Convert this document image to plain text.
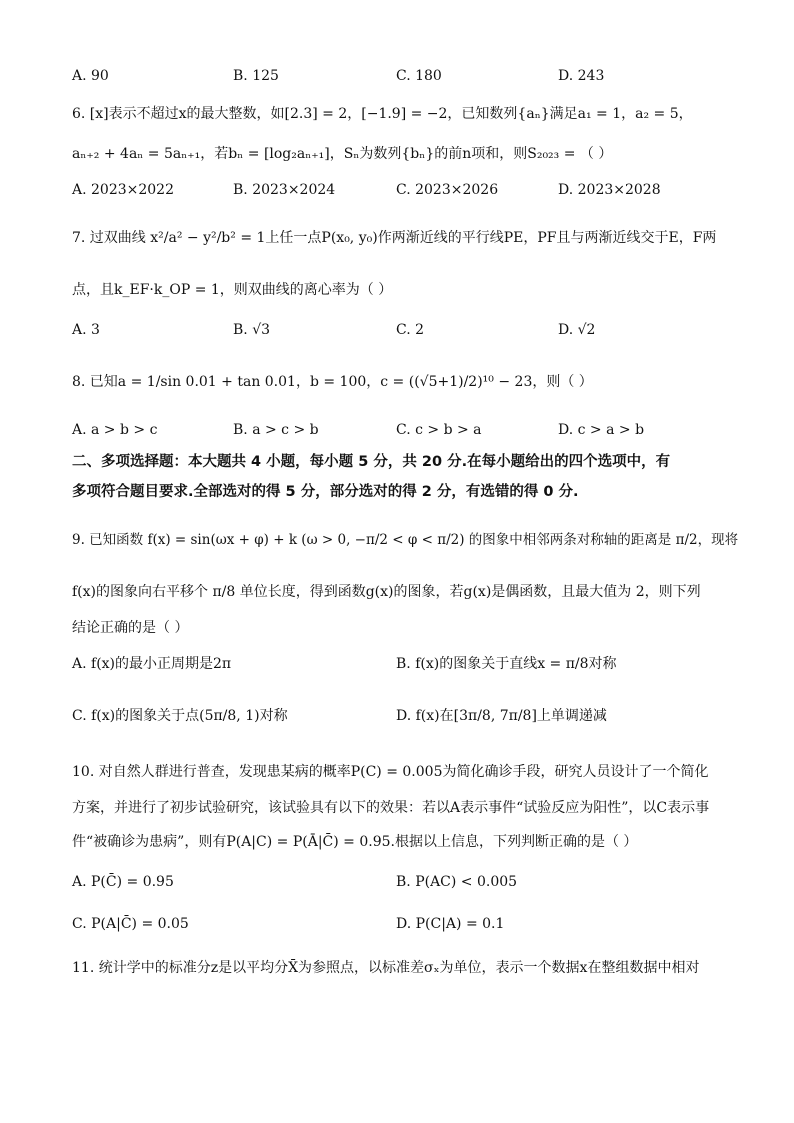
A. 90	B. 125	C. 180	D. 243
6. [x]表示不超过x的最大整数，如[2.3] = 2，[−1.9] = −2，已知数列{aₙ}满足a₁ = 1，a₂ = 5，
aₙ₊₂ + 4aₙ = 5aₙ₊₁，若bₙ = [log₂aₙ₊₁]，Sₙ为数列{bₙ}的前n项和，则S₂₀₂₃ = （ ）
A. 2023×2022	B. 2023×2024	C. 2023×2026	D. 2023×2028
7. 过双曲线 x²/a² − y²/b² = 1上任一点P(x₀, y₀)作两渐近线的平行线PE，PF且与两渐近线交于E，F两
点，且k_EF·k_OP = 1，则双曲线的离心率为（ ）
A. 3	B. √3	C. 2	D. √2
8. 已知a = 1/sin 0.01 + tan 0.01，b = 100，c = ((√5+1)/2)¹⁰ − 23，则（ ）
A. a > b > c	B. a > c > b	C. c > b > a	D. c > a > b
二、多项选择题：本大题共 4 小题，每小题 5 分，共 20 分.在每小题给出的四个选项中，有
多项符合题目要求.全部选对的得 5 分，部分选对的得 2 分，有选错的得 0 分.
9. 已知函数 f(x) = sin(ωx + φ) + k (ω > 0, −π/2 < φ < π/2) 的图象中相邻两条对称轴的距离是 π/2，现将
f(x)的图象向右平移个 π/8 单位长度，得到函数g(x)的图象，若g(x)是偶函数，且最大值为 2，则下列
结论正确的是（ ）
A. f(x)的最小正周期是2π	B. f(x)的图象关于直线x = π/8对称
C. f(x)的图象关于点(5π/8, 1)对称	D. f(x)在[3π/8, 7π/8]上单调递减
10. 对自然人群进行普查，发现患某病的概率P(C) = 0.005为简化确诊手段，研究人员设计了一个简化
方案，并进行了初步试验研究，该试验具有以下的效果：若以A表示事件“试验反应为阳性”，以C表示事
件“被确诊为患病”，则有P(A|C) = P(Ā|C̄) = 0.95.根据以上信息，下列判断正确的是（ ）
A. P(C̄) = 0.95	B. P(AC) < 0.005
C. P(A|C̄) = 0.05	D. P(C|A) = 0.1
11. 统计学中的标准分z是以平均分X̄为参照点，以标准差σₓ为单位，表示一个数据x在整组数据中相对
